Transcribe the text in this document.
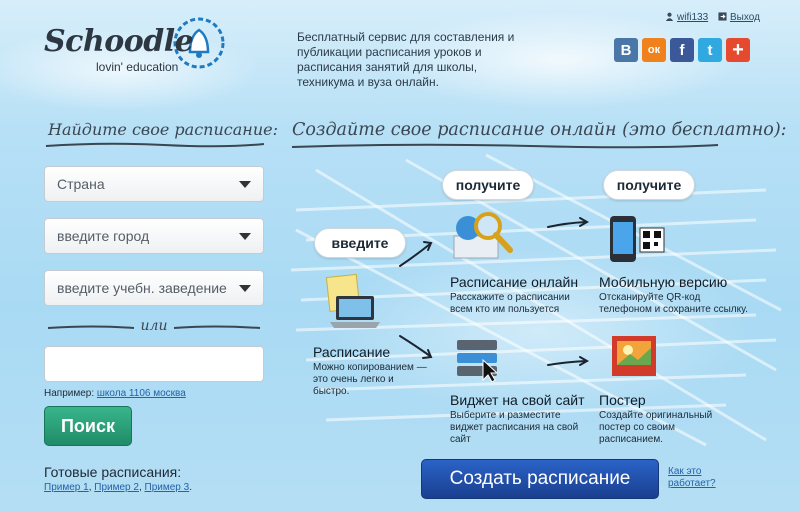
Schoodle
lovin' education
Бесплатный сервис для составления и публикации расписания уроков и расписания занятий для школы, техникума и вуза онлайн.
wifi133	Выход
В ок f t +
Найдите свое расписание:
Страна
введите город
введите учебн. заведение
или
Например: школа 1106 москва
Поиск
Готовые расписания:
Пример 1, Пример 2, Пример 3.
Создайте свое расписание онлайн (это бесплатно):
введите
получите	получите
Расписание
Можно копированием — это очень легко и быстро.
Расписание онлайн
Расскажите о расписании всем кто им пользуется
Мобильную версию
Отсканируйте QR-код телефоном и сохраните ссылку.
Виджет на свой сайт
Выберите и разместите виджет расписания на свой сайт
Постер
Создайте оригинальный постер со своим расписанием.
Создать расписание	Как это работает?
